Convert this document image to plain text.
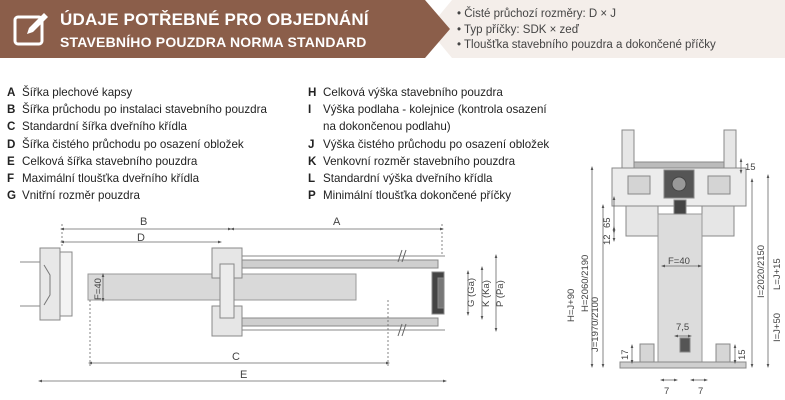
ÚDAJE POTŘEBNÉ PRO OBJEDNÁNÍ
STAVEBNÍHO POUZDRA NORMA STANDARD
• Čisté průchozí rozměry: D × J
• Typ příčky: SDK × zeď
• Tloušťka stavebního pouzdra a dokončené příčky
A Šířka plechové kapsy
B Šířka průchodu po instalaci stavebního pouzdra
C Standardní šířka dveřního křídla
D Šířka čistého průchodu po osazení obložek
E Celková šířka stavebního pouzdra
F Maximální tloušťka dveřního křídla
G Vnitřní rozměr pouzdra
H Celková výška stavebního pouzdra
I	Výška podlaha - kolejnice (kontrola osazení
na dokončenou podlahu)
J Výška čistého průchodu po osazení obložek
K Venkovní rozměr stavebního pouzdra
L Standardní výška dveřního křídla
P Minimální tloušťka dokončené příčky
B	A
D
C
E
F=40	G (Ga) K (Ka) P (Pa)	H=2060/2190
J=1970/2100
H=J+90
65
12
15
I=2020/2150 L=J+15
I=J+50
F=40
7,5
17	15
7	7
